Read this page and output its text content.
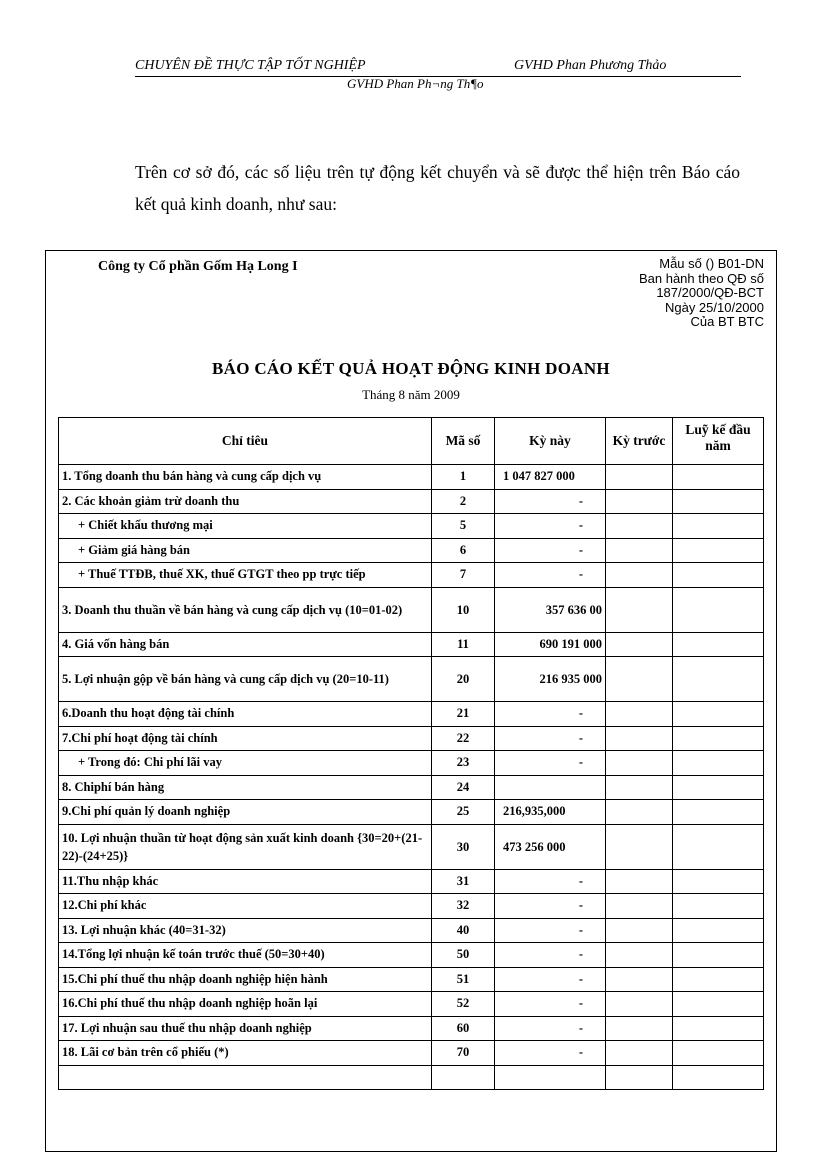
CHUYÊN ĐỀ THỰC TẬP TỐT NGHIỆP	GVHD Phan Phương Thảo
GVHD Phan Ph¬ng Th¶o
Trên cơ sở đó, các số liệu trên tự động kết chuyển và sẽ được thể hiện trên Báo cáo kết quả kinh doanh, như sau:
Công ty Cổ phần Gốm Hạ Long I	Mẫu số () B01-DN
Ban hành theo QĐ số
187/2000/QĐ-BCT
Ngày 25/10/2000
Của BT BTC
BÁO CÁO KẾT QUẢ HOẠT ĐỘNG KINH DOANH
Tháng 8 năm 2009
Chỉ tiêu	Mã số	Kỳ này	Kỳ trước	Luỹ kế đầu năm
1. Tổng doanh thu bán hàng và cung cấp dịch vụ	1	1 047 827 000		
2. Các khoản giảm trừ doanh thu	2	-		
+ Chiết khấu thương mại	5	-		
+ Giảm giá hàng bán	6	-		
+ Thuế TTĐB, thuế XK, thuế GTGT theo pp trực tiếp	7	-		
3. Doanh thu thuần về bán hàng và cung cấp dịch vụ (10=01-02)	10	357 636 00		
4. Giá vốn hàng bán	11	690 191 000		
5. Lợi nhuận gộp về bán hàng và cung cấp dịch vụ (20=10-11)	20	216 935 000		
6.Doanh thu hoạt động tài chính	21	-		
7.Chi phí hoạt động tài chính	22	-		
+ Trong đó: Chi phí lãi vay	23	-		
8. Chiphí bán hàng	24			
9.Chi phí quản lý doanh nghiệp	25	216,935,000		
10. Lợi nhuận thuần từ hoạt động sản xuất kinh doanh {30=20+(21-22)-(24+25)}	30	473 256 000		
11.Thu nhập khác	31	-		
12.Chi phí khác	32	-		
13. Lợi nhuận khác (40=31-32)	40	-		
14.Tổng lợi nhuận kế toán trước thuế (50=30+40)	50	-		
15.Chi phí thuế thu nhập doanh nghiệp hiện hành	51	-		
16.Chi phí thuế thu nhập doanh nghiệp hoãn lại	52	-		
17. Lợi nhuận sau thuế thu nhập doanh nghiệp	60	-		
18. Lãi cơ bản trên cổ phiếu (*)	70	-		
